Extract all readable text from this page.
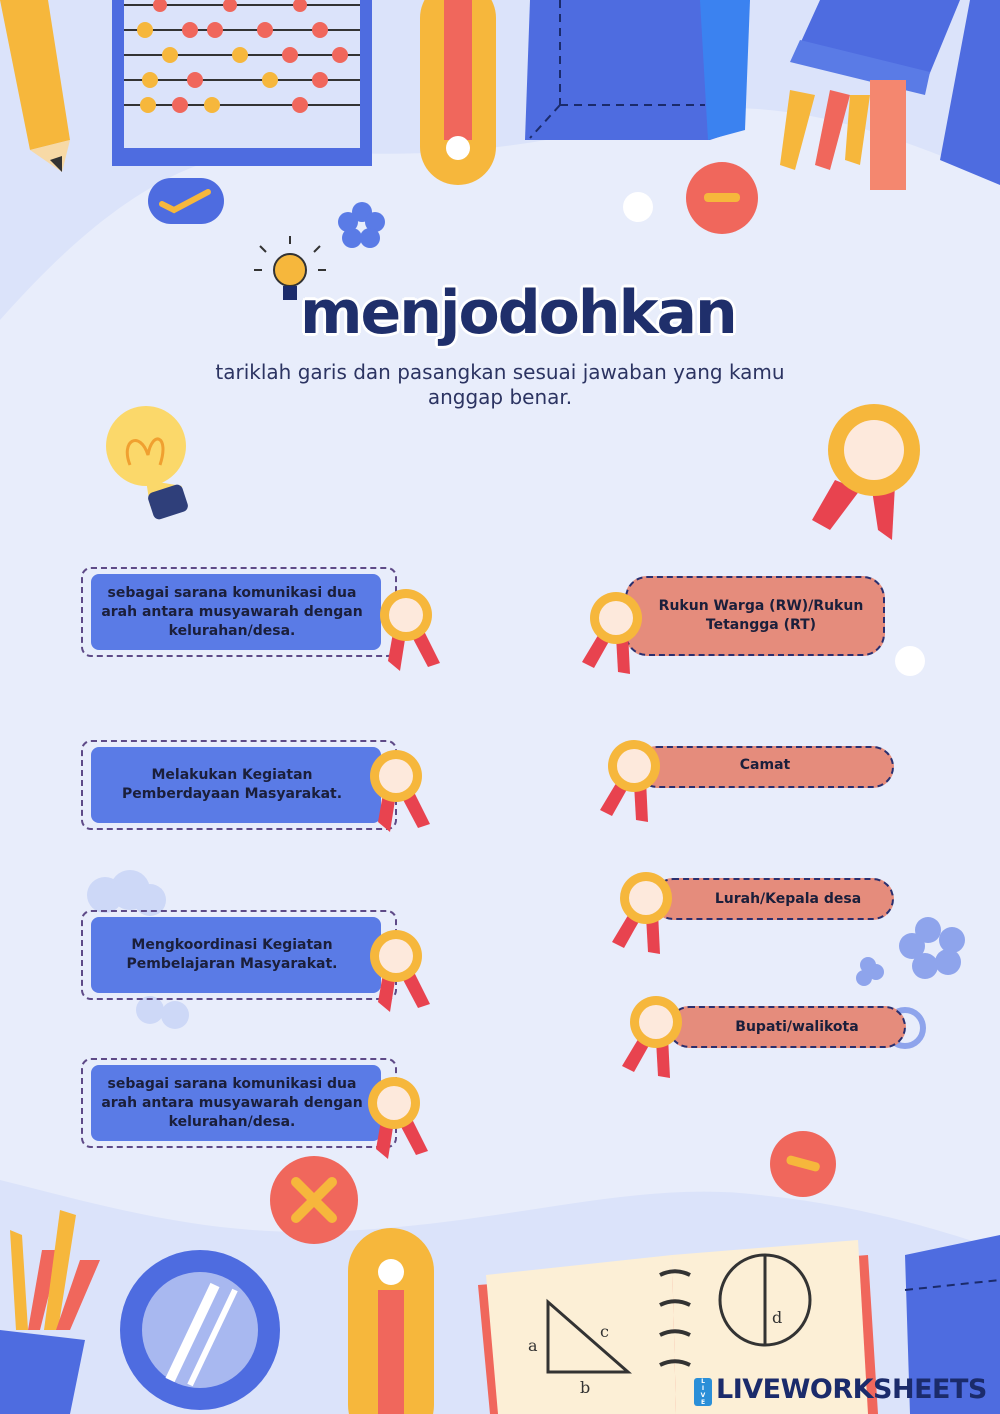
a
c
b
d
menjodohkan
tariklah garis dan pasangkan sesuai jawaban yang kamu anggap benar.
sebagai sarana komunikasi dua arah antara musyawarah dengan kelurahan/desa.
Melakukan Kegiatan Pemberdayaan Masyarakat.
Mengkoordinasi Kegiatan Pembelajaran Masyarakat.
sebagai sarana komunikasi dua arah antara musyawarah dengan kelurahan/desa.
Rukun Warga (RW)/Rukun Tetangga (RT)
Camat
Lurah/Kepala desa
Bupati/walikota
LIVE LIVEWORKSHEETS
